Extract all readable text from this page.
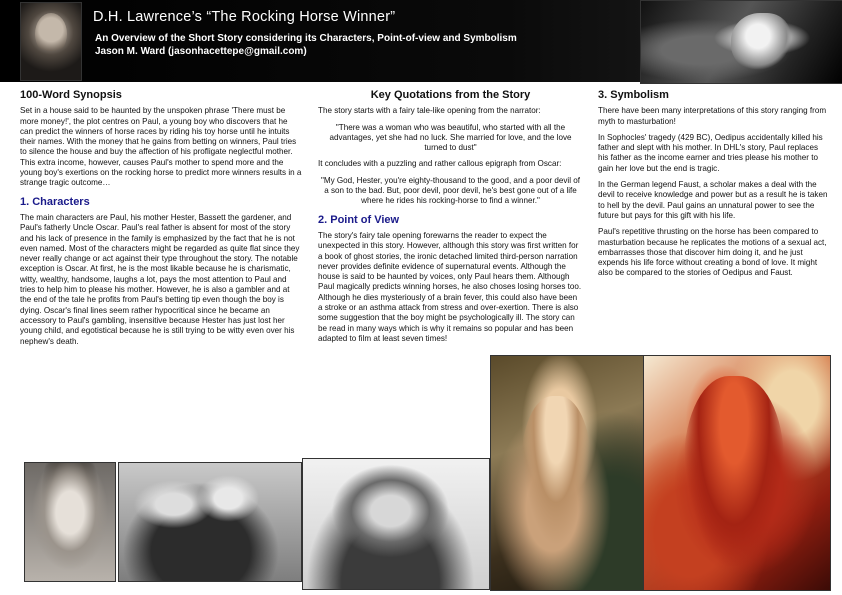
D.H. Lawrence’s “The Rocking Horse Winner”
An Overview of the Short Story considering its Characters, Point-of-view and Symbolism
Jason M. Ward (jasonhacettepe@gmail.com)
100-Word Synopsis

Set in a house said to be haunted by the unspoken phrase 'There must be more money!', the plot centres on Paul, a young boy who discovers that he can predict the winners of horse races by riding his toy horse until he intuits their names. With the money that he gains from betting on winners, Paul tries to silence the house and buy the affection of his profligate neglectful mother. This extra income, however, causes Paul's mother to spend more and the young boy's exertions on the rocking horse to predict more winners results in a strange tragic outcome…

1. Characters

The main characters are Paul, his mother Hester, Bassett the gardener, and Paul's fatherly Uncle Oscar. Paul's real father is absent for most of the story and his lack of presence in the family is emphasized by the fact that he is not even named. Most of the characters might be regarded as quite flat since they never really change or act against their type throughout the story. The notable exception is Oscar. At first, he is the most likable because he is charismatic, witty, wealthy, handsome, laughs a lot, pays the most attention to Paul and tries to help him to please his mother. However, he is also a gambler and at the end of the tale he profits from Paul's betting tip even though the boy is dying. Oscar's final lines seem rather hypocritical since he became an accessory to Paul's gambling, insensitive because Hester has just lost her young child, and egotistical because he is still trying to be witty even over his nephew's death.

Key Quotations from the Story

The story starts with a fairy tale-like opening from the narrator:

"There was a woman who was beautiful, who started with all the advantages, yet she had no luck. She married for love, and the love turned to dust"

It concludes with a puzzling and rather callous epigraph from Oscar:

"My God, Hester, you're eighty-thousand to the good, and a poor devil of a son to the bad. But, poor devil, poor devil, he's best gone out of a life where he rides his rocking-horse to find a winner."

2. Point of View

The story's fairy tale opening forewarns the reader to expect the unexpected in this story. However, although this story was first written for a book of ghost stories, the ironic detached limited third-person narration never provides definite evidence of supernatural events. Although the house is said to be haunted by voices, only Paul hears them. Although Paul magically predicts winning horses, he also choses losing horses too. Although he dies mysteriously of a brain fever, this could also have been a stroke or an asthma attack from stress and over-exertion. There is also some suggestion that the boy might be psychologically ill. The story can be read in many ways which is why it remains so popular and has been adapted to film at least seven times!

3. Symbolism

There have been many interpretations of this story ranging from myth to masturbation!

In Sophocles' tragedy (429 BC), Oedipus accidentally killed his father and slept with his mother. In DHL's story, Paul replaces his father as the income earner and tries please his mother to gain her love but the end is tragic.

In the German legend Faust, a scholar makes a deal with the devil to receive knowledge and power but as a result he is taken to hell by the devil. Paul gains an unnatural power to see the future but pays for this gift with his life.

Paul's repetitive thrusting on the horse has been compared to masturbation because he replicates the motions of a sexual act, embarrasses those that discover him doing it, and he just expends his life force without creating a bond of love. It might also be compared to the stories of Oedipus and Faust.
